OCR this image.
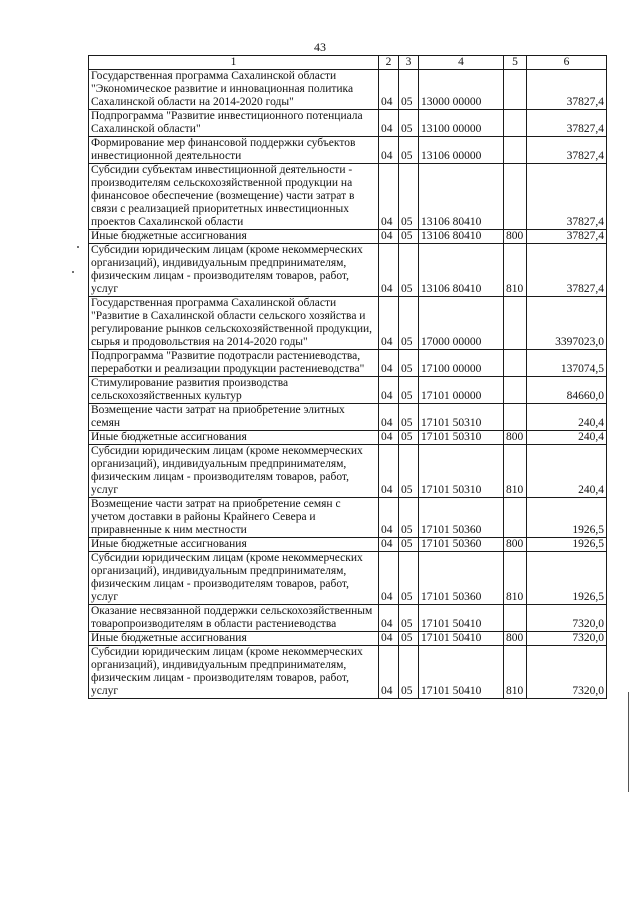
43
1	2	3	4	5	6
Государственная программа Сахалинской области "Экономическое развитие и инновационная политика Сахалинской области на 2014-2020 годы"	04	05	13000 00000		37827,4
Подпрограмма "Развитие инвестиционного потенциала Сахалинской области"	04	05	13100 00000		37827,4
Формирование мер финансовой поддержки субъектов инвестиционной деятельности	04	05	13106 00000		37827,4
Субсидии субъектам инвестиционной деятельности - производителям сельскохозяйственной продукции на финансовое обеспечение (возмещение) части затрат в связи с реализацией приоритетных инвестиционных проектов Сахалинской области	04	05	13106 80410		37827,4
Иные бюджетные ассигнования	04	05	13106 80410	800	37827,4
Субсидии юридическим лицам (кроме некоммерческих организаций), индивидуальным предпринимателям, физическим лицам - производителям товаров, работ, услуг	04	05	13106 80410	810	37827,4
Государственная программа Сахалинской области "Развитие в Сахалинской области сельского хозяйства и регулирование рынков сельскохозяйственной продукции, сырья и продовольствия на 2014-2020 годы"	04	05	17000 00000		3397023,0
Подпрограмма "Развитие подотрасли растениеводства, переработки и реализации продукции растениеводства"	04	05	17100 00000		137074,5
Стимулирование развития производства сельскохозяйственных культур	04	05	17101 00000		84660,0
Возмещение части затрат на приобретение элитных семян	04	05	17101 50310		240,4
Иные бюджетные ассигнования	04	05	17101 50310	800	240,4
Субсидии юридическим лицам (кроме некоммерческих организаций), индивидуальным предпринимателям, физическим лицам - производителям товаров, работ, услуг	04	05	17101 50310	810	240,4
Возмещение части затрат на приобретение семян с учетом доставки в районы Крайнего Севера и приравненные к ним местности	04	05	17101 50360		1926,5
Иные бюджетные ассигнования	04	05	17101 50360	800	1926,5
Субсидии юридическим лицам (кроме некоммерческих организаций), индивидуальным предпринимателям, физическим лицам - производителям товаров, работ, услуг	04	05	17101 50360	810	1926,5
Оказание несвязанной поддержки сельскохозяйственным товаропроизводителям в области растениеводства	04	05	17101 50410		7320,0
Иные бюджетные ассигнования	04	05	17101 50410	800	7320,0
Субсидии юридическим лицам (кроме некоммерческих организаций), индивидуальным предпринимателям, физическим лицам - производителям товаров, работ, услуг	04	05	17101 50410	810	7320,0
